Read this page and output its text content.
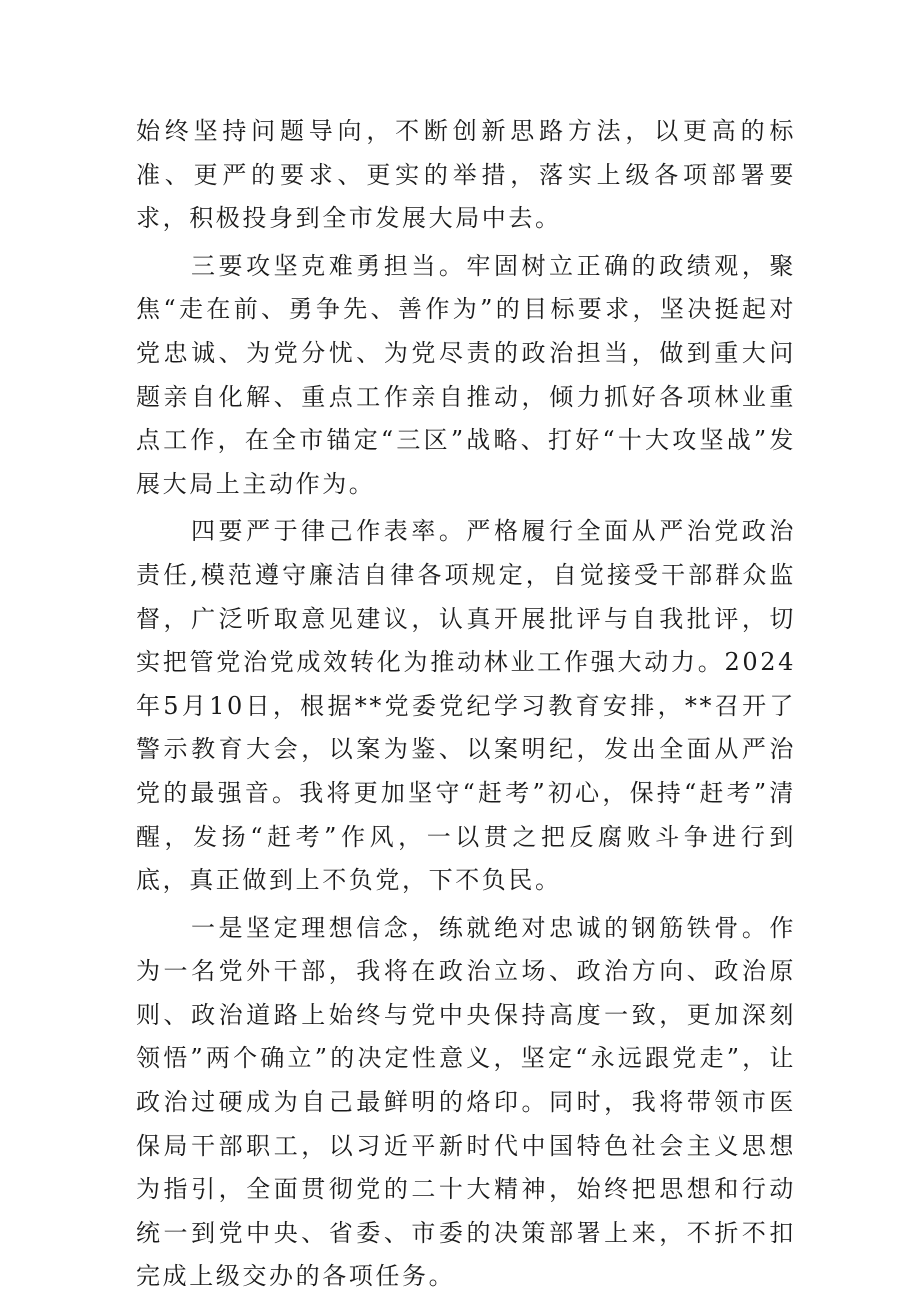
始终坚持问题导向，不断创新思路方法，以更高的标准、更严的要求、更实的举措，落实上级各项部署要求，积极投身到全市发展大局中去。

三要攻坚克难勇担当。牢固树立正确的政绩观，聚焦“走在前、勇争先、善作为”的目标要求，坚决挺起对党忠诚、为党分忧、为党尽责的政治担当，做到重大问题亲自化解、重点工作亲自推动，倾力抓好各项林业重点工作，在全市锚定“三区”战略、打好“十大攻坚战”发展大局上主动作为。

四要严于律己作表率。严格履行全面从严治党政治责任,模范遵守廉洁自律各项规定，自觉接受干部群众监督，广泛听取意见建议，认真开展批评与自我批评，切实把管党治党成效转化为推动林业工作强大动力。2024年5月10日，根据**党委党纪学习教育安排，**召开了警示教育大会，以案为鉴、以案明纪，发出全面从严治党的最强音。我将更加坚守“赶考”初心，保持“赶考”清醒，发扬“赶考”作风，一以贯之把反腐败斗争进行到底，真正做到上不负党，下不负民。

一是坚定理想信念，练就绝对忠诚的钢筋铁骨。作为一名党外干部，我将在政治立场、政治方向、政治原则、政治道路上始终与党中央保持高度一致，更加深刻领悟”两个确立”的决定性意义，坚定“永远跟党走”，让政治过硬成为自己最鲜明的烙印。同时，我将带领市医保局干部职工，以习近平新时代中国特色社会主义思想为指引，全面贯彻党的二十大精神，始终把思想和行动统一到党中央、省委、市委的决策部署上来，不折不扣完成上级交办的各项任务。
